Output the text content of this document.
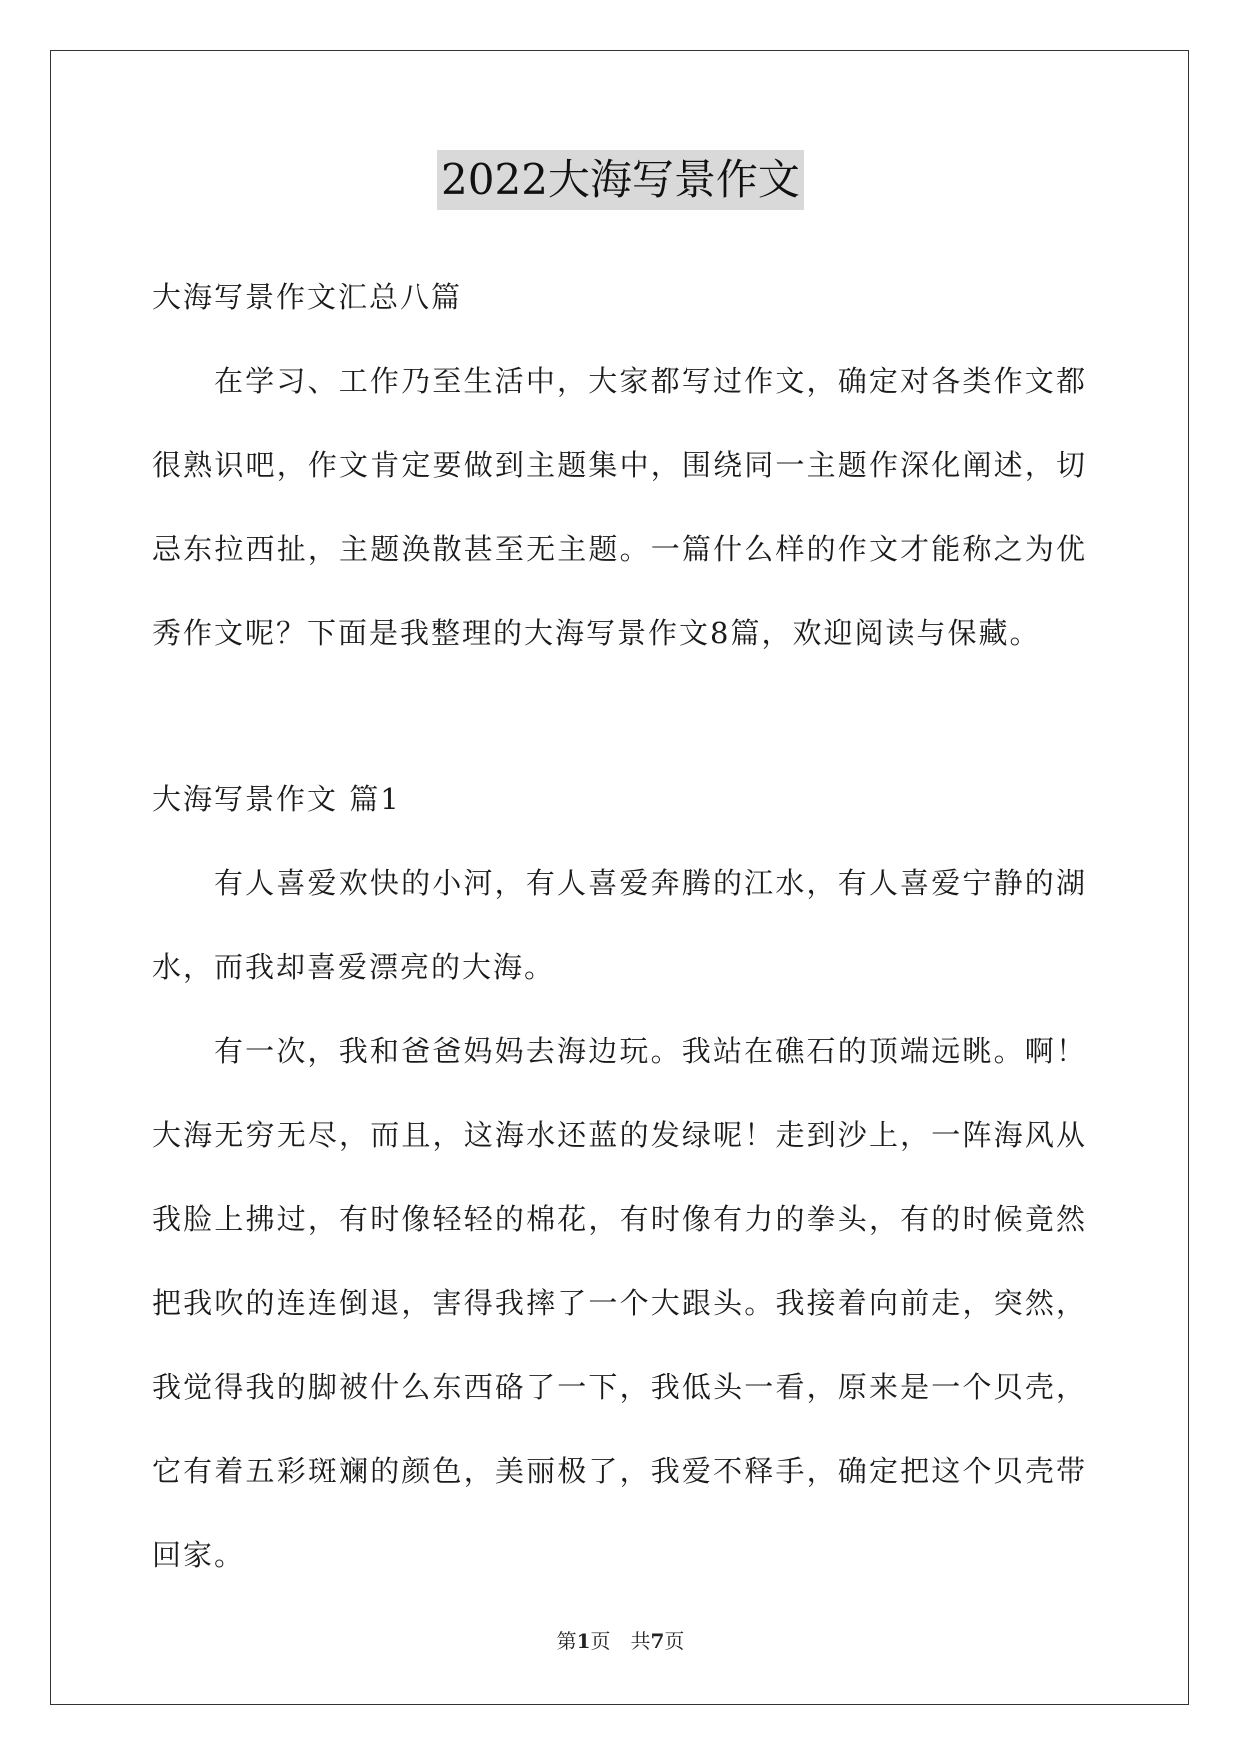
2022大海写景作文

大海写景作文汇总八篇

在学习、工作乃至生活中，大家都写过作文，确定对各类作文都很熟识吧，作文肯定要做到主题集中，围绕同一主题作深化阐述，切忌东拉西扯，主题涣散甚至无主题。一篇什么样的作文才能称之为优秀作文呢？下面是我整理的大海写景作文8篇，欢迎阅读与保藏。

大海写景作文 篇1

有人喜爱欢快的小河，有人喜爱奔腾的江水，有人喜爱宁静的湖水，而我却喜爱漂亮的大海。

有一次，我和爸爸妈妈去海边玩。我站在礁石的顶端远眺。啊！大海无穷无尽，而且，这海水还蓝的发绿呢！走到沙上，一阵海风从我脸上拂过，有时像轻轻的棉花，有时像有力的拳头，有的时候竟然把我吹的连连倒退，害得我摔了一个大跟头。我接着向前走，突然，我觉得我的脚被什么东西硌了一下，我低头一看，原来是一个贝壳，它有着五彩斑斓的颜色，美丽极了，我爱不释手，确定把这个贝壳带回家。

第1页　共7页
